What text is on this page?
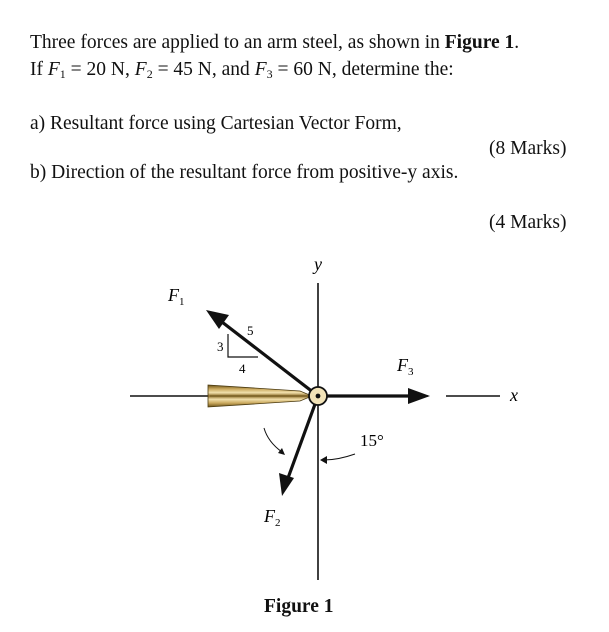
Three forces are applied to an arm steel, as shown in Figure 1.
If $F_1 = 20$ N, $F_2 = 45$ N, and $F_3 = 60$ N, determine the:
a) Resultant force using Cartesian Vector Form,
(8 Marks)
b) Direction of the resultant force from positive-y axis.
(4 Marks)
y
x
$F_1$
5
3
4	$F_3$
$F_2$
15°
Figure 1
